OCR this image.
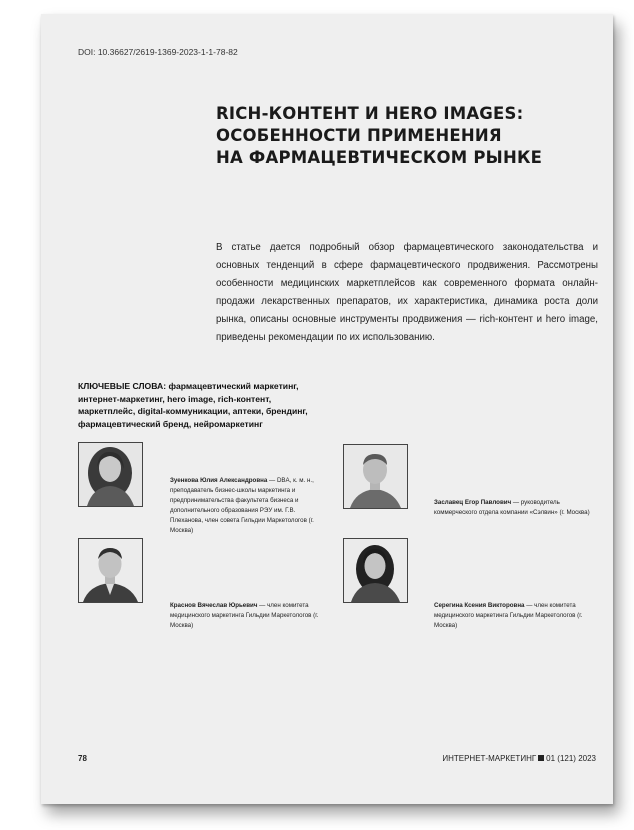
DOI: 10.36627/2619-1369-2023-1-1-78-82
RICH-КОНТЕНТ И HERO IMAGES:
ОСОБЕННОСТИ ПРИМЕНЕНИЯ
НА ФАРМАЦЕВТИЧЕСКОМ РЫНКЕ
В статье дается подробный обзор фармацевтического законодательства и основных тенденций в сфере фармацевтического продвижения. Рассмотрены особенности медицинских маркетплейсов как современного формата онлайн-продажи лекарственных препаратов, их характеристика, динамика роста доли рынка, описаны основные инструменты продвижения — rich-контент и hero image, приведены рекомендации по их использованию.
КЛЮЧЕВЫЕ СЛОВА: фармацевтический маркетинг, интернет-маркетинг, hero image, rich-контент, маркетплейс, digital-коммуникации, аптеки, брендинг, фармацевтический бренд, нейромаркетинг
Зуенкова Юлия Александровна — DBA, к. м. н., преподаватель бизнес-школы маркетинга и предпринимательства факультета бизнеса и дополнительного образования РЭУ им. Г.В. Плеханова, член совета Гильдии Маркетологов (г. Москва)
Заславец Егор Павлович — руководитель коммерческого отдела компании «Сэлвин» (г. Москва)
Краснов Вячеслав Юрьевич — член комитета медицинского маркетинга Гильдии Маркетологов (г. Москва)
Серегина Ксения Викторовна — член комитета медицинского маркетинга Гильдии Маркетологов (г. Москва)
78	ИНТЕРНЕТ-МАРКЕТИНГ 01 (121) 2023
